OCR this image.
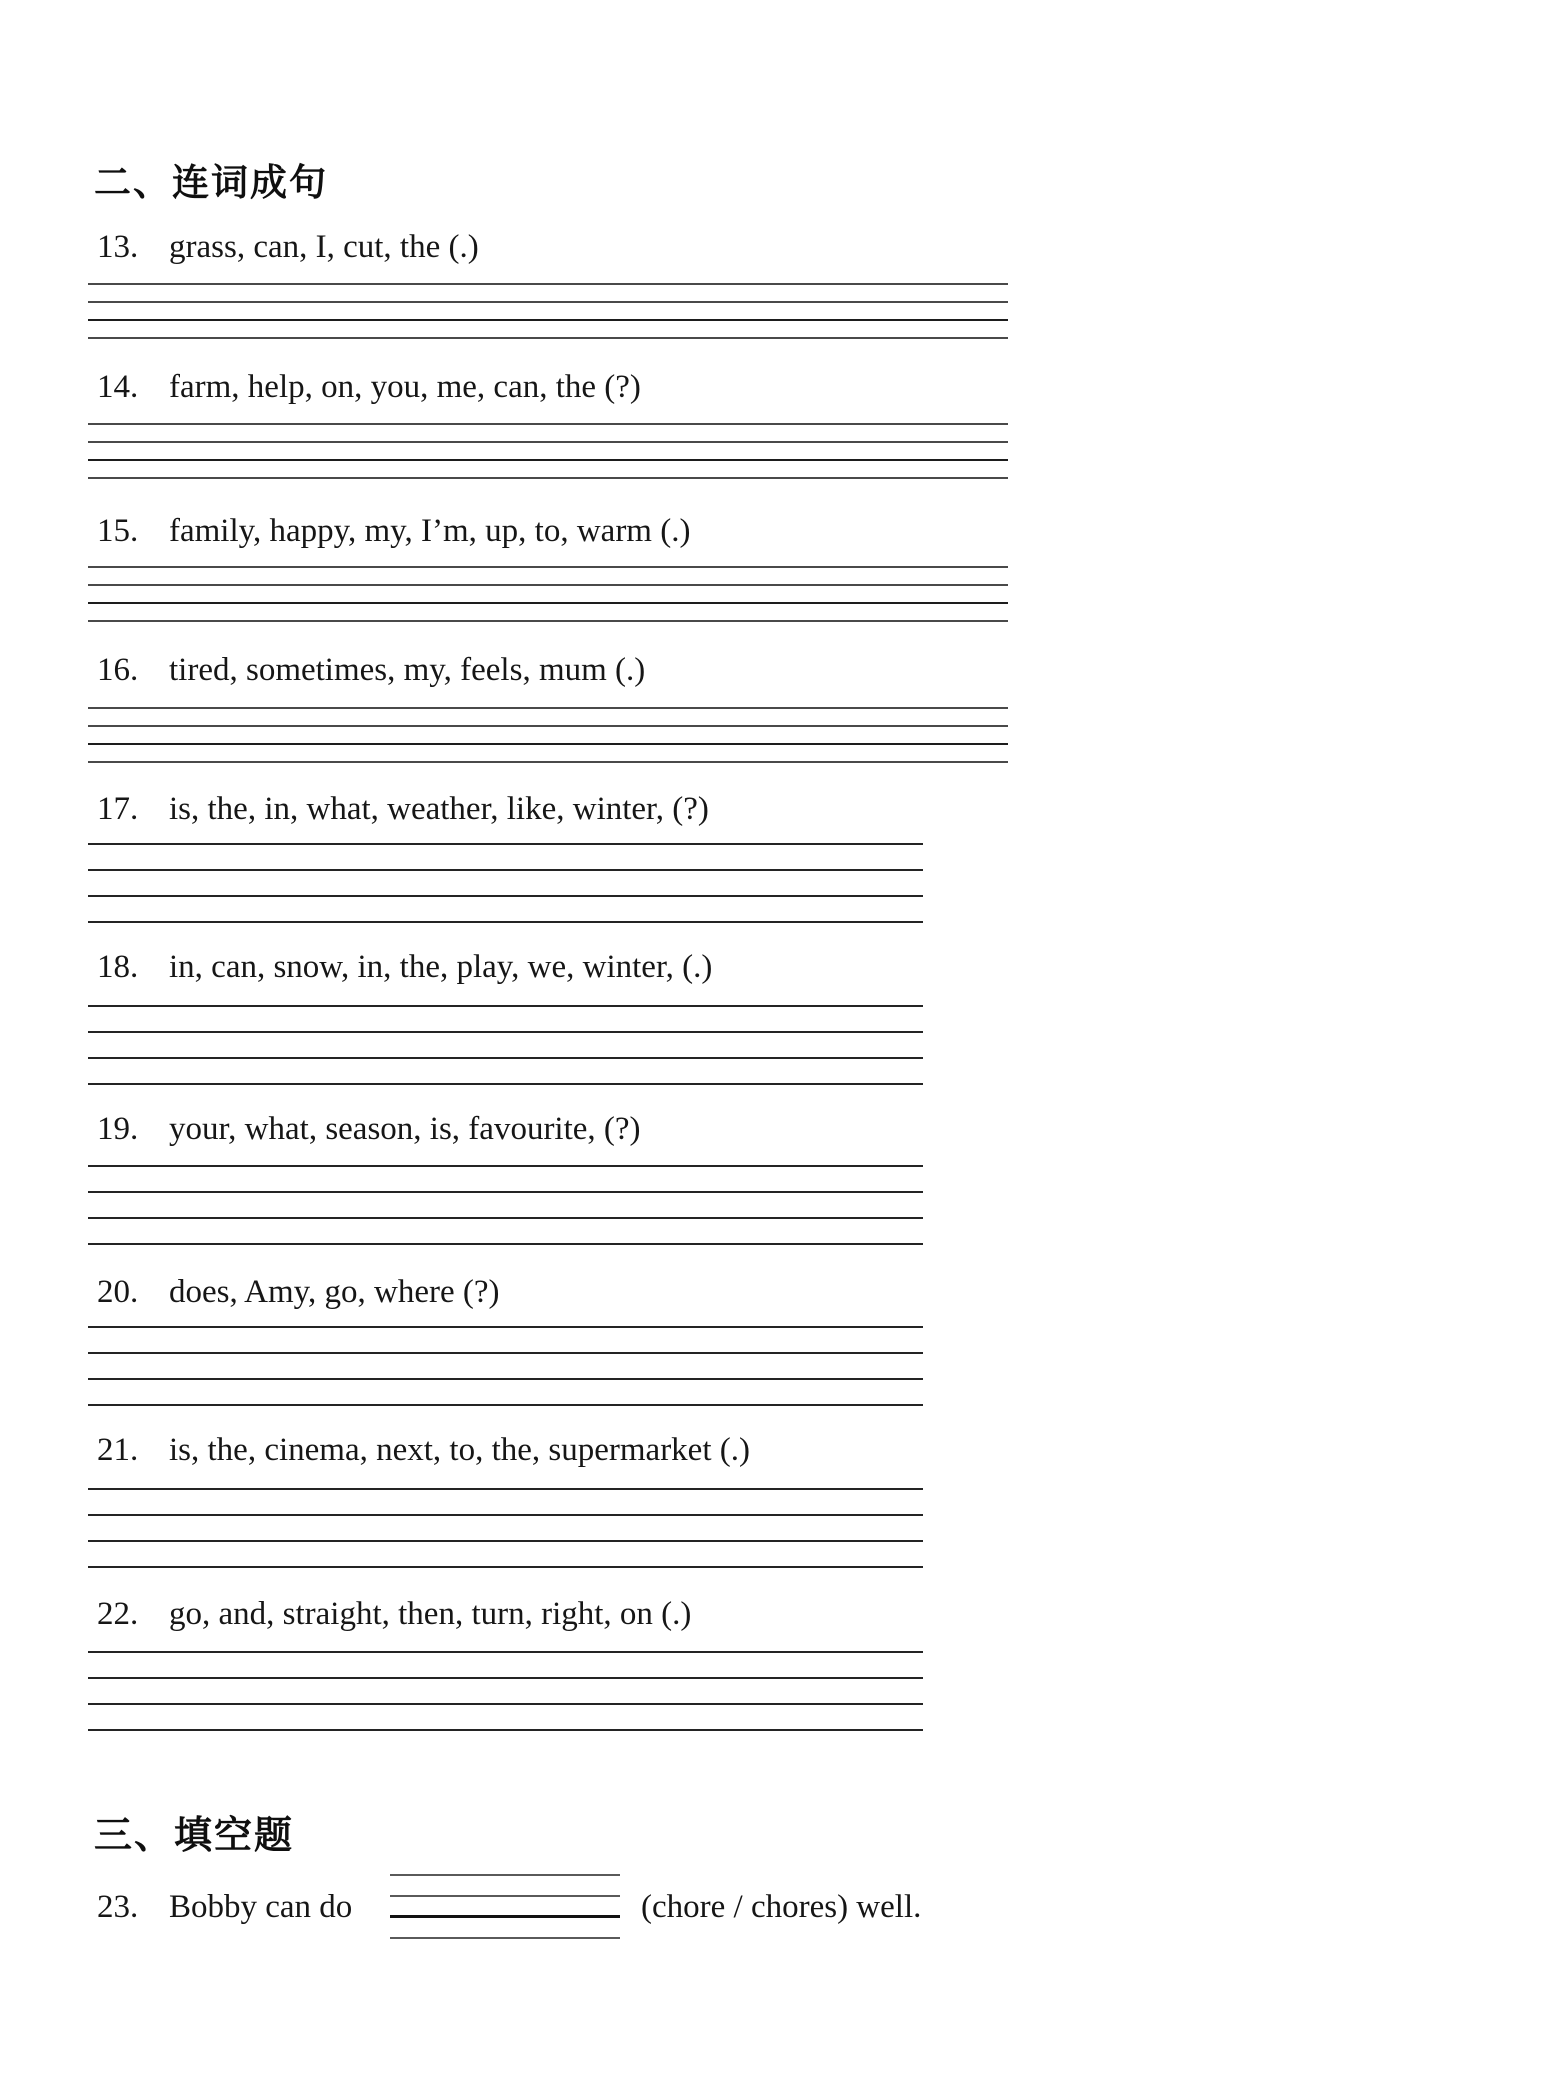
二、连词成句
13. grass, can, I, cut, the (.)
14. farm, help, on, you, me, can, the (?)
15. family, happy, my, I’m, up, to, warm (.)
16. tired, sometimes, my, feels, mum (.)
17. is, the, in, what, weather, like, winter, (?)
18. in, can, snow, in, the, play, we, winter, (.)
19. your, what, season, is, favourite, (?)
20. does, Amy, go, where (?)
21. is, the, cinema, next, to, the, supermarket (.)
22. go, and, straight, then, turn, right, on (.)
三、填空题
23. Bobby can do	(chore / chores) well.
